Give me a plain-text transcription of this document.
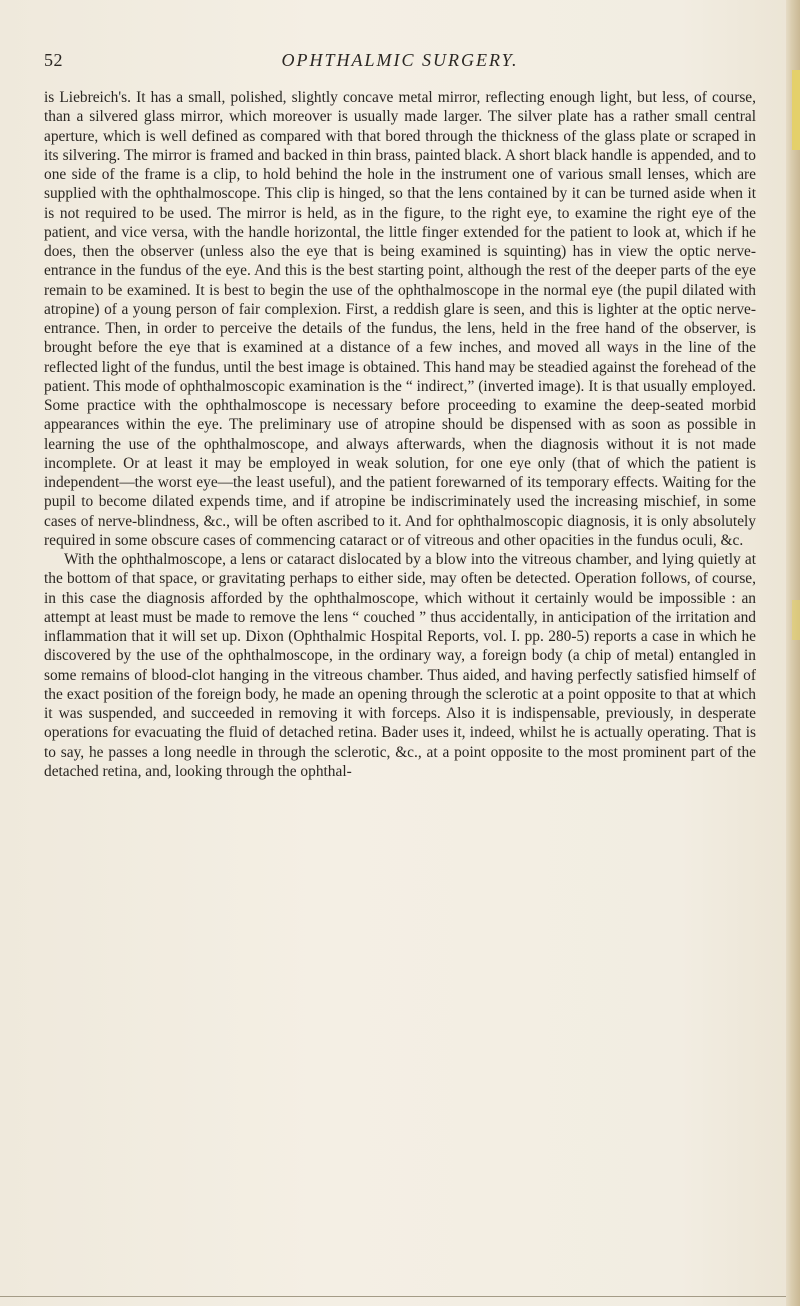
52	OPHTHALMIC SURGERY.

is Liebreich's. It has a small, polished, slightly concave metal mirror, reflecting enough light, but less, of course, than a silvered glass mirror, which moreover is usually made larger. The silver plate has a rather small central aperture, which is well defined as compared with that bored through the thickness of the glass plate or scraped in its silvering. The mirror is framed and backed in thin brass, painted black. A short black handle is appended, and to one side of the frame is a clip, to hold behind the hole in the instrument one of various small lenses, which are supplied with the ophthalmoscope. This clip is hinged, so that the lens contained by it can be turned aside when it is not required to be used. The mirror is held, as in the figure, to the right eye, to examine the right eye of the patient, and vice versa, with the handle horizontal, the little finger extended for the patient to look at, which if he does, then the observer (unless also the eye that is being examined is squinting) has in view the optic nerve-entrance in the fundus of the eye. And this is the best starting point, although the rest of the deeper parts of the eye remain to be examined. It is best to begin the use of the ophthalmoscope in the normal eye (the pupil dilated with atropine) of a young person of fair complexion. First, a reddish glare is seen, and this is lighter at the optic nerve-entrance. Then, in order to perceive the details of the fundus, the lens, held in the free hand of the observer, is brought before the eye that is examined at a distance of a few inches, and moved all ways in the line of the reflected light of the fundus, until the best image is obtained. This hand may be steadied against the forehead of the patient. This mode of ophthalmoscopic examination is the “ indirect,” (inverted image). It is that usually employed. Some practice with the ophthalmoscope is necessary before proceeding to examine the deep-seated morbid appearances within the eye. The preliminary use of atropine should be dispensed with as soon as possible in learning the use of the ophthalmoscope, and always afterwards, when the diagnosis without it is not made incomplete. Or at least it may be employed in weak solution, for one eye only (that of which the patient is independent—the worst eye—the least useful), and the patient forewarned of its temporary effects. Waiting for the pupil to become dilated expends time, and if atropine be indiscriminately used the increasing mischief, in some cases of nerve-blindness, &c., will be often ascribed to it. And for ophthalmoscopic diagnosis, it is only absolutely required in some obscure cases of commencing cataract or of vitreous and other opacities in the fundus oculi, &c.

With the ophthalmoscope, a lens or cataract dislocated by a blow into the vitreous chamber, and lying quietly at the bottom of that space, or gravitating perhaps to either side, may often be detected. Operation follows, of course, in this case the diagnosis afforded by the ophthalmoscope, which without it certainly would be impossible : an attempt at least must be made to remove the lens “ couched ” thus accidentally, in anticipation of the irritation and inflammation that it will set up. Dixon (Ophthalmic Hospital Reports, vol. I. pp. 280-5) reports a case in which he discovered by the use of the ophthalmoscope, in the ordinary way, a foreign body (a chip of metal) entangled in some remains of blood-clot hanging in the vitreous chamber. Thus aided, and having perfectly satisfied himself of the exact position of the foreign body, he made an opening through the sclerotic at a point opposite to that at which it was suspended, and succeeded in removing it with forceps. Also it is indispensable, previously, in desperate operations for evacuating the fluid of detached retina. Bader uses it, indeed, whilst he is actually operating. That is to say, he passes a long needle in through the sclerotic, &c., at a point opposite to the most prominent part of the detached retina, and, looking through the ophthal-
